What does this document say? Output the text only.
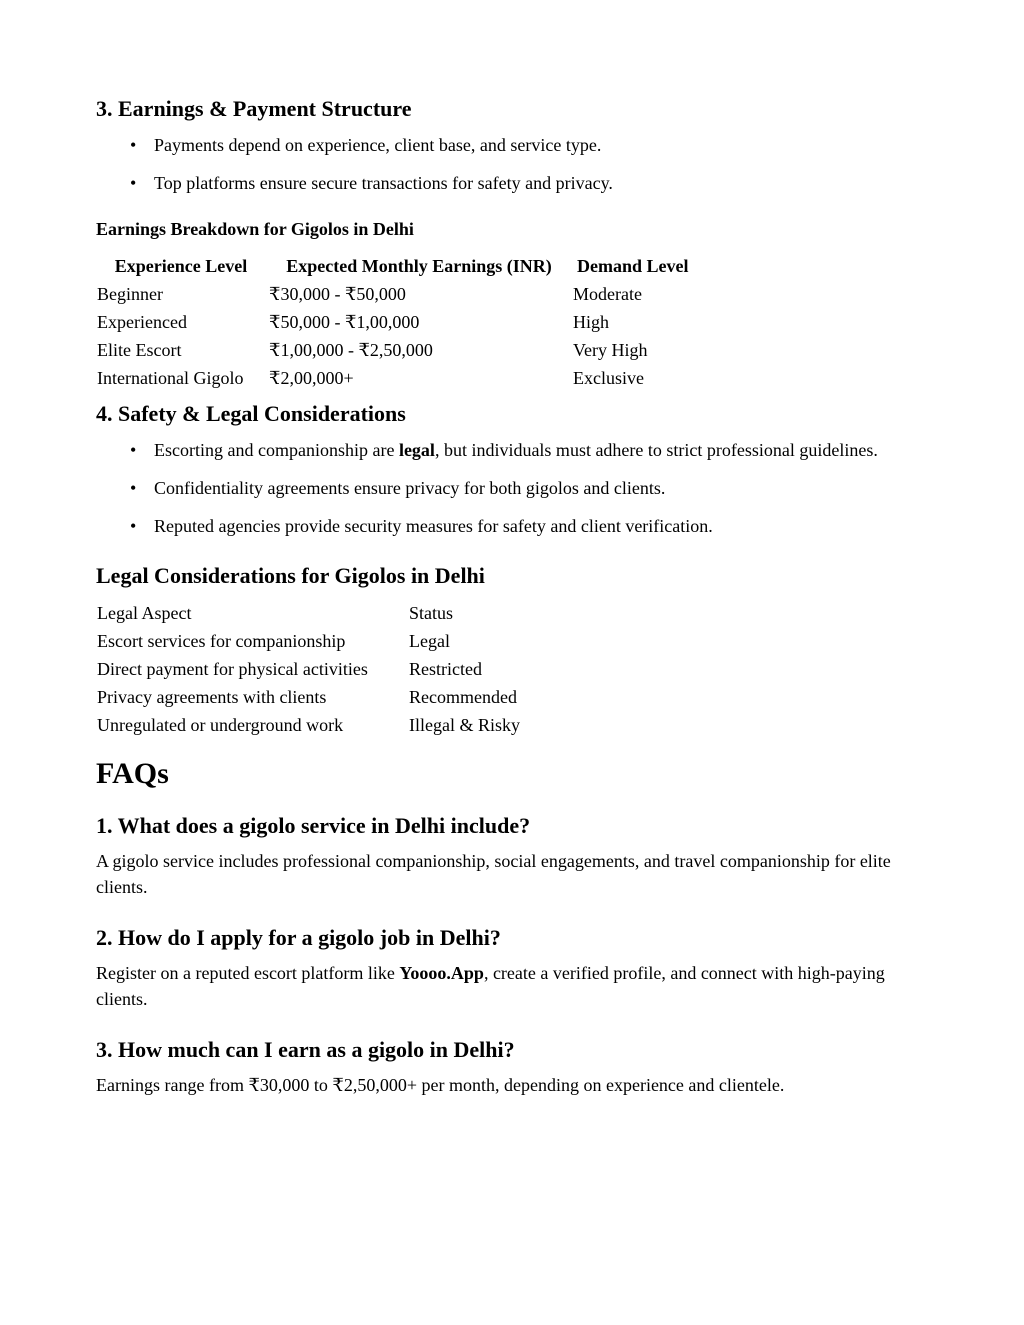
3. Earnings & Payment Structure
• Payments depend on experience, client base, and service type.
• Top platforms ensure secure transactions for safety and privacy.
Earnings Breakdown for Gigolos in Delhi
Experience Level	Expected Monthly Earnings (INR)	Demand Level
Beginner	₹30,000 - ₹50,000	Moderate
Experienced	₹50,000 - ₹1,00,000	High
Elite Escort	₹1,00,000 - ₹2,50,000	Very High
International Gigolo	₹2,00,000+	Exclusive
4. Safety & Legal Considerations
• Escorting and companionship are legal, but individuals must adhere to strict professional guidelines.
• Confidentiality agreements ensure privacy for both gigolos and clients.
• Reputed agencies provide security measures for safety and client verification.
Legal Considerations for Gigolos in Delhi
Legal Aspect	Status
Escort services for companionship	Legal
Direct payment for physical activities	Restricted
Privacy agreements with clients	Recommended
Unregulated or underground work	Illegal & Risky
FAQs
1. What does a gigolo service in Delhi include?

A gigolo service includes professional companionship, social engagements, and travel companionship for elite clients.

2. How do I apply for a gigolo job in Delhi?

Register on a reputed escort platform like Yoooo.App, create a verified profile, and connect with high-paying clients.

3. How much can I earn as a gigolo in Delhi?

Earnings range from ₹30,000 to ₹2,50,000+ per month, depending on experience and clientele.
